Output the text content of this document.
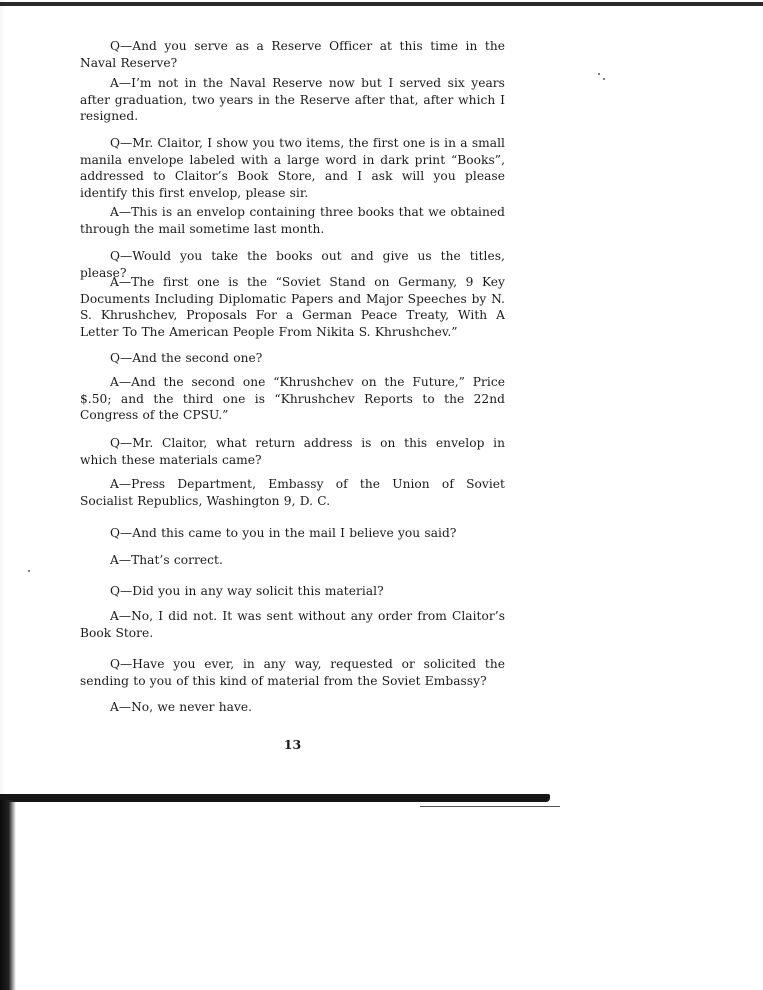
Q—And you serve as a Reserve Officer at this time in the Naval Reserve?

A—I’m not in the Naval Reserve now but I served six years after graduation, two years in the Reserve after that, after which I resigned.

Q—Mr. Claitor, I show you two items, the first one is in a small manila envelope labeled with a large word in dark print “Books”, addressed to Claitor’s Book Store, and I ask will you please identify this first envelop, please sir.

A—This is an envelop containing three books that we obtained through the mail sometime last month.

Q—Would you take the books out and give us the titles, please?

A—The first one is the “Soviet Stand on Germany, 9 Key Documents Including Diplomatic Papers and Major Speeches by N. S. Khrushchev, Proposals For a German Peace Treaty, With A Letter To The American People From Nikita S. Khrushchev.”

Q—And the second one?

A—And the second one “Khrushchev on the Future,” Price $.50; and the third one is “Khrushchev Reports to the 22nd Congress of the CPSU.”

Q—Mr. Claitor, what return address is on this envelop in which these materials came?

A—Press Department, Embassy of the Union of Soviet Socialist Republics, Washington 9, D. C.

Q—And this came to you in the mail I believe you said?

A—That’s correct.

Q—Did you in any way solicit this material?

A—No, I did not. It was sent without any order from Claitor’s Book Store.

Q—Have you ever, in any way, requested or solicited the sending to you of this kind of material from the Soviet Embassy?

A—No, we never have.

13
